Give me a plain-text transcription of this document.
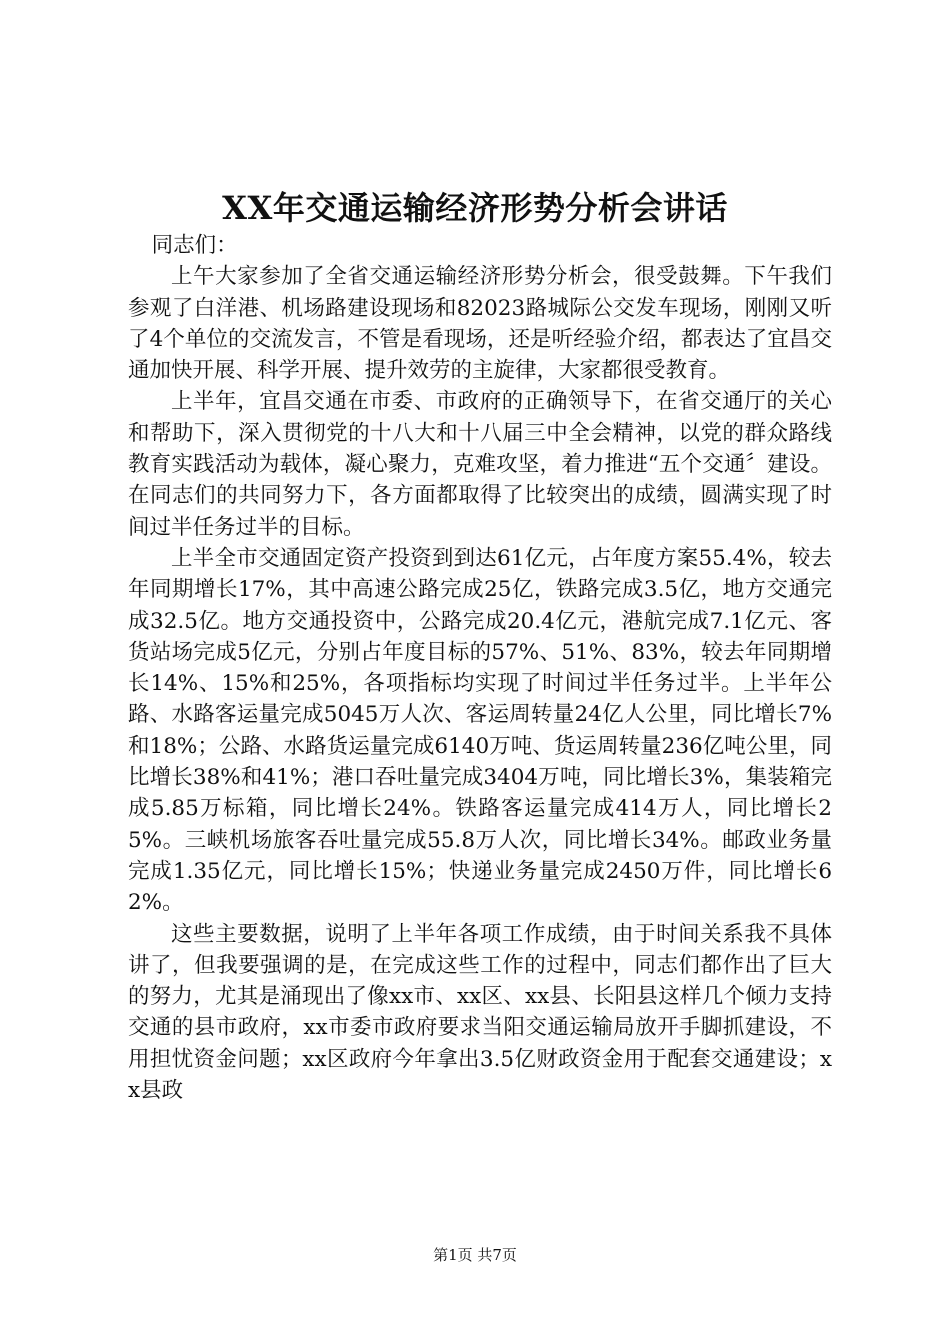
XX年交通运输经济形势分析会讲话

同志们：

上午大家参加了全省交通运输经济形势分析会，很受鼓舞。下午我们参观了白洋港、机场路建设现场和82023路城际公交发车现场，刚刚又听了4个单位的交流发言，不管是看现场，还是听经验介绍，都表达了宜昌交通加快开展、科学开展、提升效劳的主旋律，大家都很受教育。

上半年，宜昌交通在市委、市政府的正确领导下，在省交通厅的关心和帮助下，深入贯彻党的十八大和十八届三中全会精神，以党的群众路线教育实践活动为载体，凝心聚力，克难攻坚，着力推进“五个交通〞建设。在同志们的共同努力下，各方面都取得了比较突出的成绩，圆满实现了时间过半任务过半的目标。

上半全市交通固定资产投资到到达61亿元，占年度方案55.4%，较去年同期增长17%，其中高速公路完成25亿，铁路完成3.5亿，地方交通完成32.5亿。地方交通投资中，公路完成20.4亿元，港航完成7.1亿元、客货站场完成5亿元，分别占年度目标的57%、51%、83%，较去年同期增长14%、15%和25%，各项指标均实现了时间过半任务过半。上半年公路、水路客运量完成5045万人次、客运周转量24亿人公里，同比增长7%和18%；公路、水路货运量完成6140万吨、货运周转量236亿吨公里，同比增长38%和41%；港口吞吐量完成3404万吨，同比增长3%，集装箱完成5.85万标箱，同比增长24%。铁路客运量完成414万人，同比增长25%。三峡机场旅客吞吐量完成55.8万人次，同比增长34%。邮政业务量完成1.35亿元，同比增长15%；快递业务量完成2450万件，同比增长62%。

这些主要数据，说明了上半年各项工作成绩，由于时间关系我不具体讲了，但我要强调的是，在完成这些工作的过程中，同志们都作出了巨大的努力，尤其是涌现出了像xx市、xx区、xx县、长阳县这样几个倾力支持交通的县市政府，xx市委市政府要求当阳交通运输局放开手脚抓建设，不用担忧资金问题；xx区政府今年拿出3.5亿财政资金用于配套交通建设；xx县政

第1页 共7页
